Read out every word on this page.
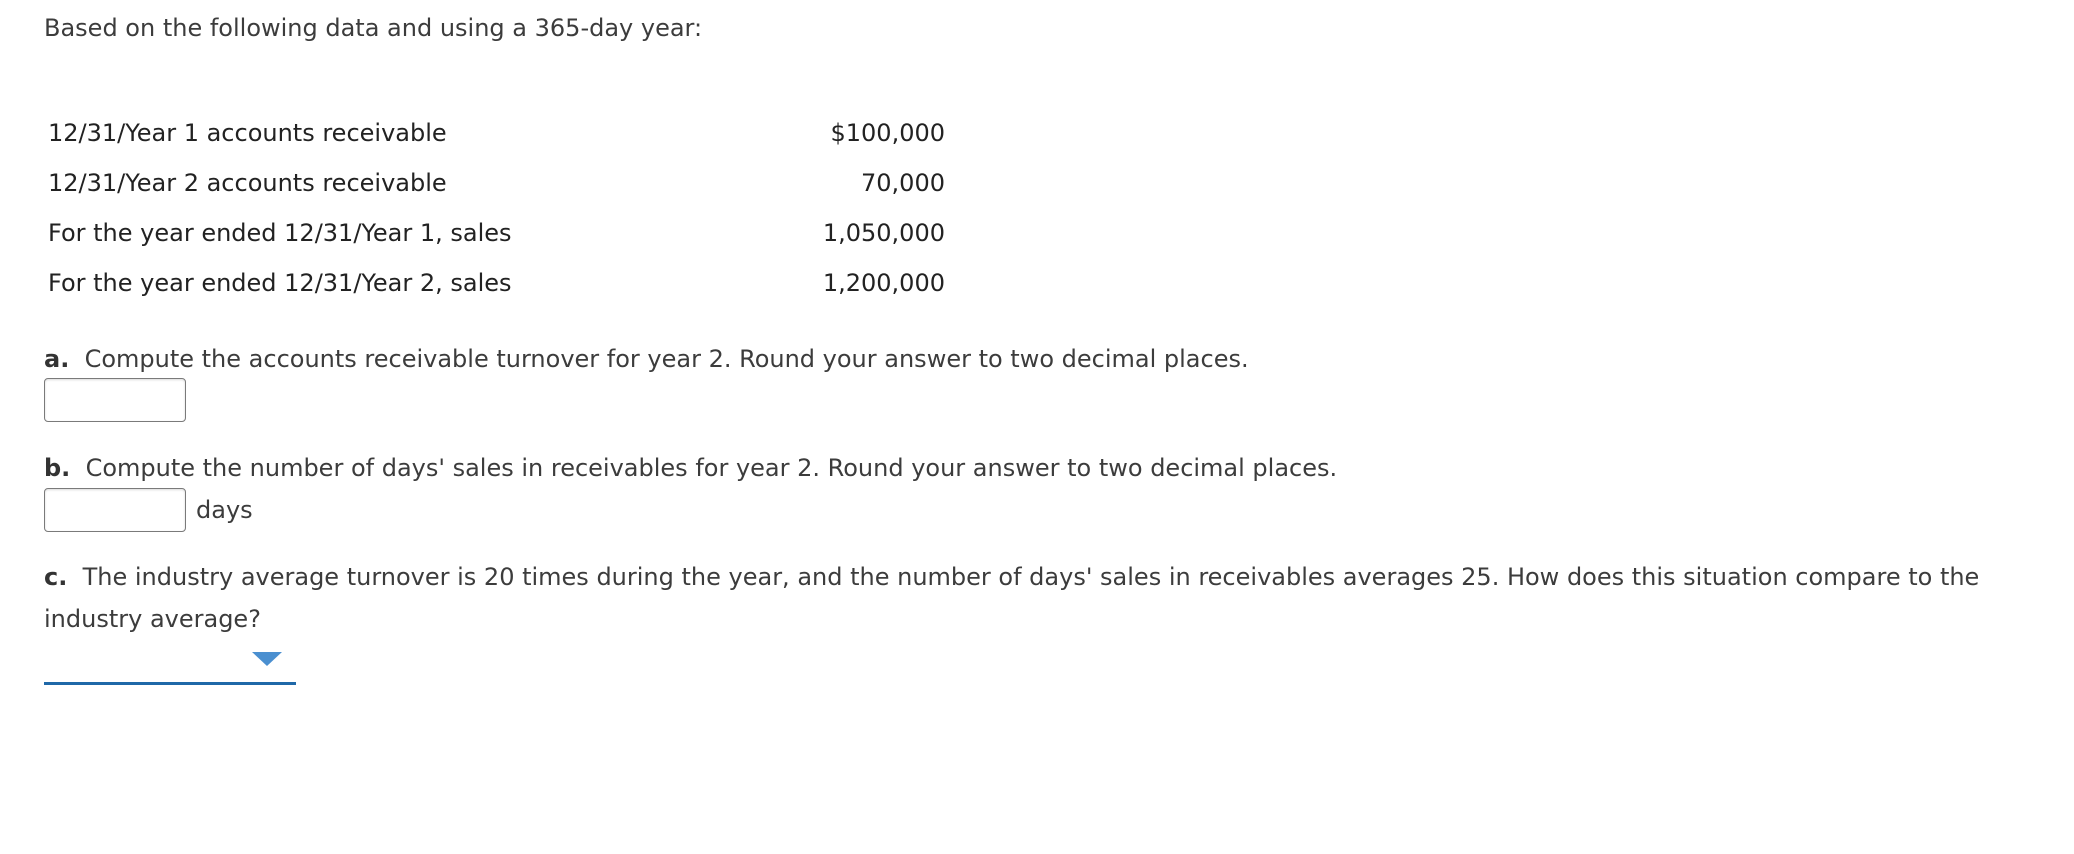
Based on the following data and using a 365-day year:
12/31/Year 1 accounts receivable	$100,000
12/31/Year 2 accounts receivable	70,000
For the year ended 12/31/Year 1, sales	1,050,000
For the year ended 12/31/Year 2, sales	1,200,000
a. Compute the accounts receivable turnover for year 2. Round your answer to two decimal places.
b. Compute the number of days' sales in receivables for year 2. Round your answer to two decimal places.
days
c. The industry average turnover is 20 times during the year, and the number of days' sales in receivables averages 25. How does this situation compare to the
industry average?
